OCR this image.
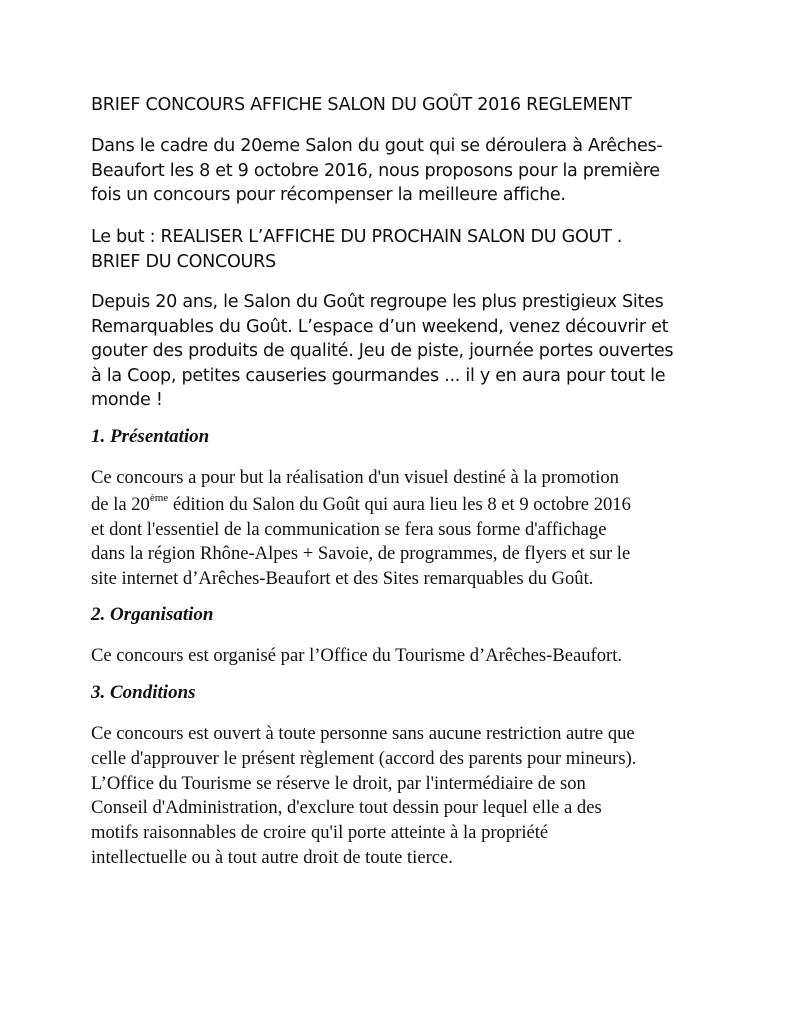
BRIEF CONCOURS AFFICHE SALON DU GOÛT 2016 REGLEMENT

Dans le cadre du 20eme Salon du gout qui se déroulera à Arêches-
Beaufort les 8 et 9 octobre 2016, nous proposons pour la première
fois un concours pour récompenser la meilleure affiche.

Le but : REALISER L’AFFICHE DU PROCHAIN SALON DU GOUT .
BRIEF DU CONCOURS

Depuis 20 ans, le Salon du Goût regroupe les plus prestigieux Sites
Remarquables du Goût. L’espace d’un weekend, venez découvrir et
gouter des produits de qualité. Jeu de piste, journée portes ouvertes
à la Coop, petites causeries gourmandes ... il y en aura pour tout le
monde !

1. Présentation
Ce concours a pour but la réalisation d'un visuel destiné à la promotion
de la 20ème édition du Salon du Goût qui aura lieu les 8 et 9 octobre 2016
et dont l'essentiel de la communication se fera sous forme d'affichage
dans la région Rhône-Alpes + Savoie, de programmes, de flyers et sur le
site internet d’Arêches-Beaufort et des Sites remarquables du Goût.
2. Organisation
Ce concours est organisé par l’Office du Tourisme d’Arêches-Beaufort.
3. Conditions
Ce concours est ouvert à toute personne sans aucune restriction autre que
celle d'approuver le présent règlement (accord des parents pour mineurs).
L’Office du Tourisme se réserve le droit, par l'intermédiaire de son
Conseil d'Administration, d'exclure tout dessin pour lequel elle a des
motifs raisonnables de croire qu'il porte atteinte à la propriété
intellectuelle ou à tout autre droit de toute tierce.
